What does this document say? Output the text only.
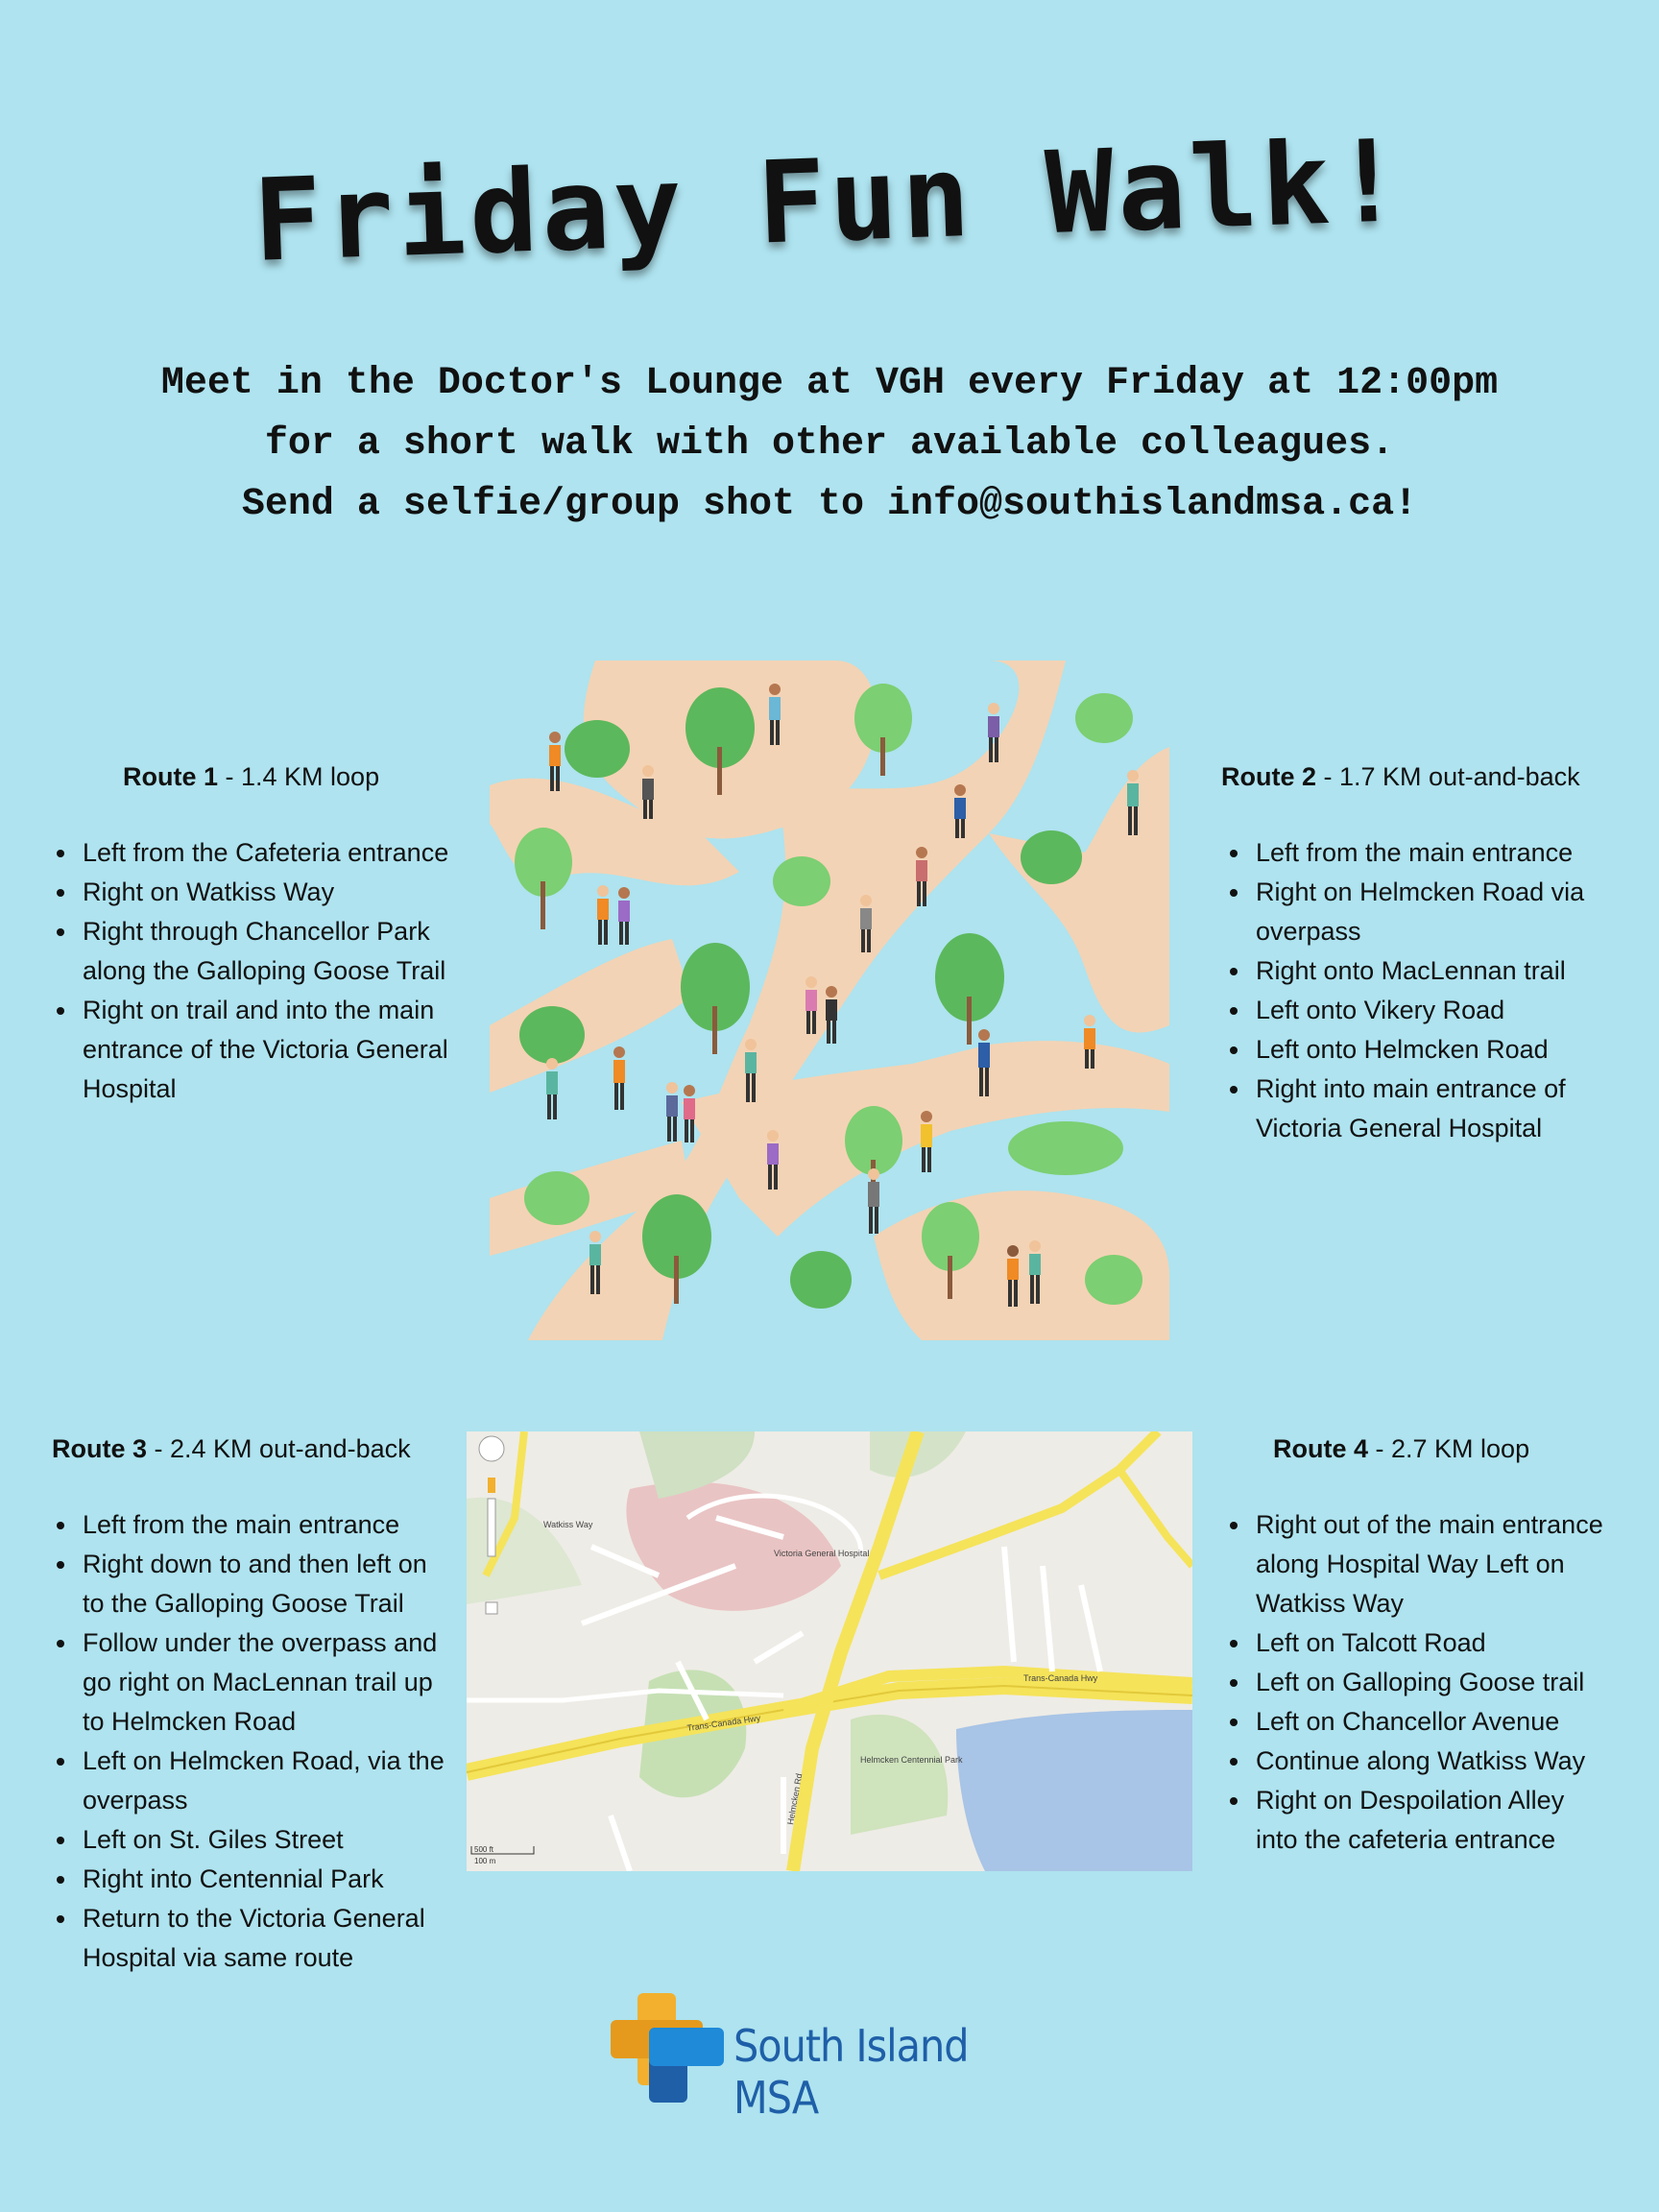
Friday Fun Walk!
Meet in the Doctor's Lounge at VGH every Friday at 12:00pm
for a short walk with other available colleagues.
Send a selfie/group shot to info@southislandmsa.ca!
Route 1 - 1.4 KM loop
• Left from the Cafeteria entrance
• Right on Watkiss Way
• Right through Chancellor Park along the Galloping Goose Trail
• Right on trail and into the main entrance of the Victoria General Hospital
Route 2 - 1.7 KM out-and-back
• Left from the main entrance
• Right on Helmcken Road via overpass
• Right onto MacLennan trail
• Left onto Vikery Road
• Left onto Helmcken Road
• Right into main entrance of Victoria General Hospital
Route 3 - 2.4 KM out-and-back
• Left from the main entrance
• Right down to and then left on to the Galloping Goose Trail
• Follow under the overpass and go right on MacLennan trail up to Helmcken Road
• Left on Helmcken Road, via the overpass
• Left on St. Giles Street
• Right into Centennial Park
• Return to the Victoria General Hospital via same route
Route 4 - 2.7 KM loop
• Right out of the main entrance along Hospital Way Left on Watkiss Way
• Left on Talcott Road
• Left on Galloping Goose trail
• Left on Chancellor Avenue
• Continue along Watkiss Way
• Right on Despoilation Alley into the cafeteria entrance
Victoria General Hospital
Trans-Canada Hwy
Trans-Canada Hwy
Helmcken Rd
Helmcken Centennial Park
Watkiss Way
500 ft
100 m
South Island MSA
